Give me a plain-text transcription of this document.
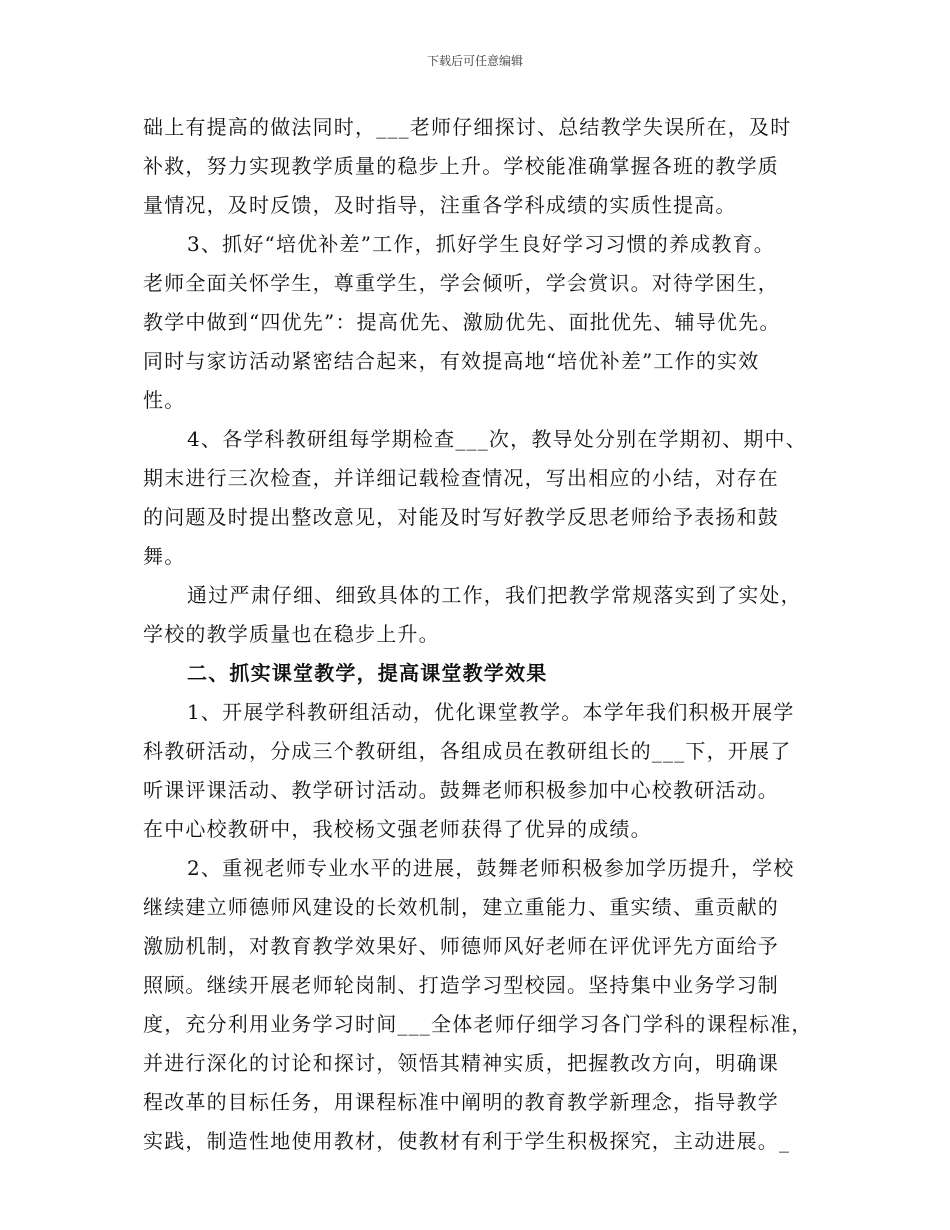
下载后可任意编辑
础上有提高的做法同时，___老师仔细探讨、总结教学失误所在，及时
补救，努力实现教学质量的稳步上升。学校能准确掌握各班的教学质
量情况，及时反馈，及时指导，注重各学科成绩的实质性提高。
3、抓好“培优补差”工作，抓好学生良好学习习惯的养成教育。
老师全面关怀学生，尊重学生，学会倾听，学会赏识。对待学困生，
教学中做到“四优先”：提高优先、激励优先、面批优先、辅导优先。
同时与家访活动紧密结合起来，有效提高地“培优补差”工作的实效
性。
4、各学科教研组每学期检查___次，教导处分别在学期初、期中、
期末进行三次检查，并详细记载检查情况，写出相应的小结，对存在
的问题及时提出整改意见，对能及时写好教学反思老师给予表扬和鼓
舞。
通过严肃仔细、细致具体的工作，我们把教学常规落实到了实处，
学校的教学质量也在稳步上升。
二、抓实课堂教学，提高课堂教学效果
1、开展学科教研组活动，优化课堂教学。本学年我们积极开展学
科教研活动，分成三个教研组，各组成员在教研组长的___下，开展了
听课评课活动、教学研讨活动。鼓舞老师积极参加中心校教研活动。
在中心校教研中，我校杨文强老师获得了优异的成绩。
2、重视老师专业水平的进展，鼓舞老师积极参加学历提升，学校
继续建立师德师风建设的长效机制，建立重能力、重实绩、重贡献的
激励机制，对教育教学效果好、师德师风好老师在评优评先方面给予
照顾。继续开展老师轮岗制、打造学习型校园。坚持集中业务学习制
度，充分利用业务学习时间___全体老师仔细学习各门学科的课程标准，
并进行深化的讨论和探讨，领悟其精神实质，把握教改方向，明确课
程改革的目标任务，用课程标准中阐明的教育教学新理念，指导教学
实践，制造性地使用教材，使教材有利于学生积极探究，主动进展。_
